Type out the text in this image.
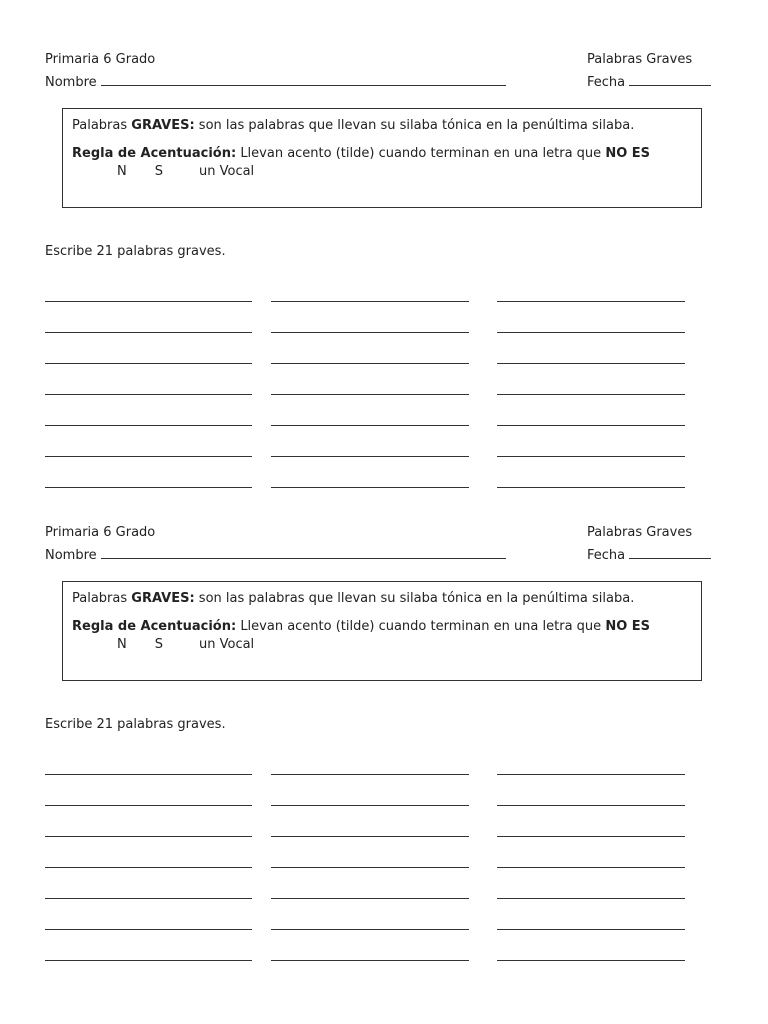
Primaria 6 Grado
Nombre
Palabras Graves
Fecha
Palabras GRAVES: son las palabras que llevan su silaba tónica en la penúltima silaba.
Regla de Acentuación: Llevan acento (tilde) cuando terminan en una letra que NO ES
N S	un Vocal
Escribe 21 palabras graves.
Primaria 6 Grado
Nombre
Palabras Graves
Fecha
Palabras GRAVES: son las palabras que llevan su silaba tónica en la penúltima silaba.
Regla de Acentuación: Llevan acento (tilde) cuando terminan en una letra que NO ES
N S	un Vocal
Escribe 21 palabras graves.
